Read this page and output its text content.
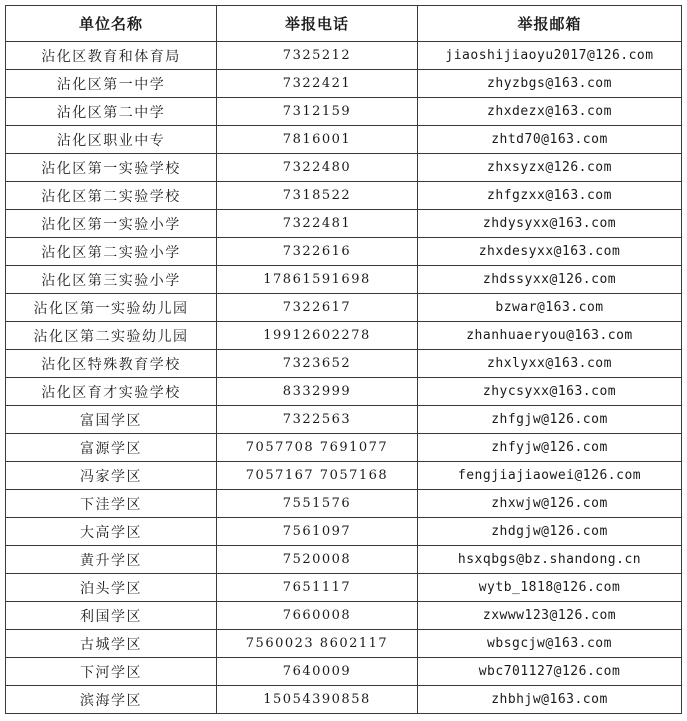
单位名称	举报电话	举报邮箱
沾化区教育和体育局	7325212	jiaoshijiaoyu2017@126.com
沾化区第一中学	7322421	zhyzbgs@163.com
沾化区第二中学	7312159	zhxdezx@163.com
沾化区职业中专	7816001	zhtd70@163.com
沾化区第一实验学校	7322480	zhxsyzx@126.com
沾化区第二实验学校	7318522	zhfgzxx@163.com
沾化区第一实验小学	7322481	zhdysyxx@163.com
沾化区第二实验小学	7322616	zhxdesyxx@163.com
沾化区第三实验小学	17861591698	zhdssyxx@126.com
沾化区第一实验幼儿园	7322617	bzwar@163.com
沾化区第二实验幼儿园	19912602278	zhanhuaeryou@163.com
沾化区特殊教育学校	7323652	zhxlyxx@163.com
沾化区育才实验学校	8332999	zhycsyxx@163.com
富国学区	7322563	zhfgjw@126.com
富源学区	7057708 7691077	zhfyjw@126.com
冯家学区	7057167 7057168	fengjiajiaowei@126.com
下洼学区	7551576	zhxwjw@126.com
大高学区	7561097	zhdgjw@126.com
黄升学区	7520008	hsxqbgs@bz.shandong.cn
泊头学区	7651117	wytb_1818@126.com
利国学区	7660008	zxwww123@126.com
古城学区	7560023 8602117	wbsgcjw@163.com
下河学区	7640009	wbc701127@126.com
滨海学区	15054390858	zhbhjw@163.com
